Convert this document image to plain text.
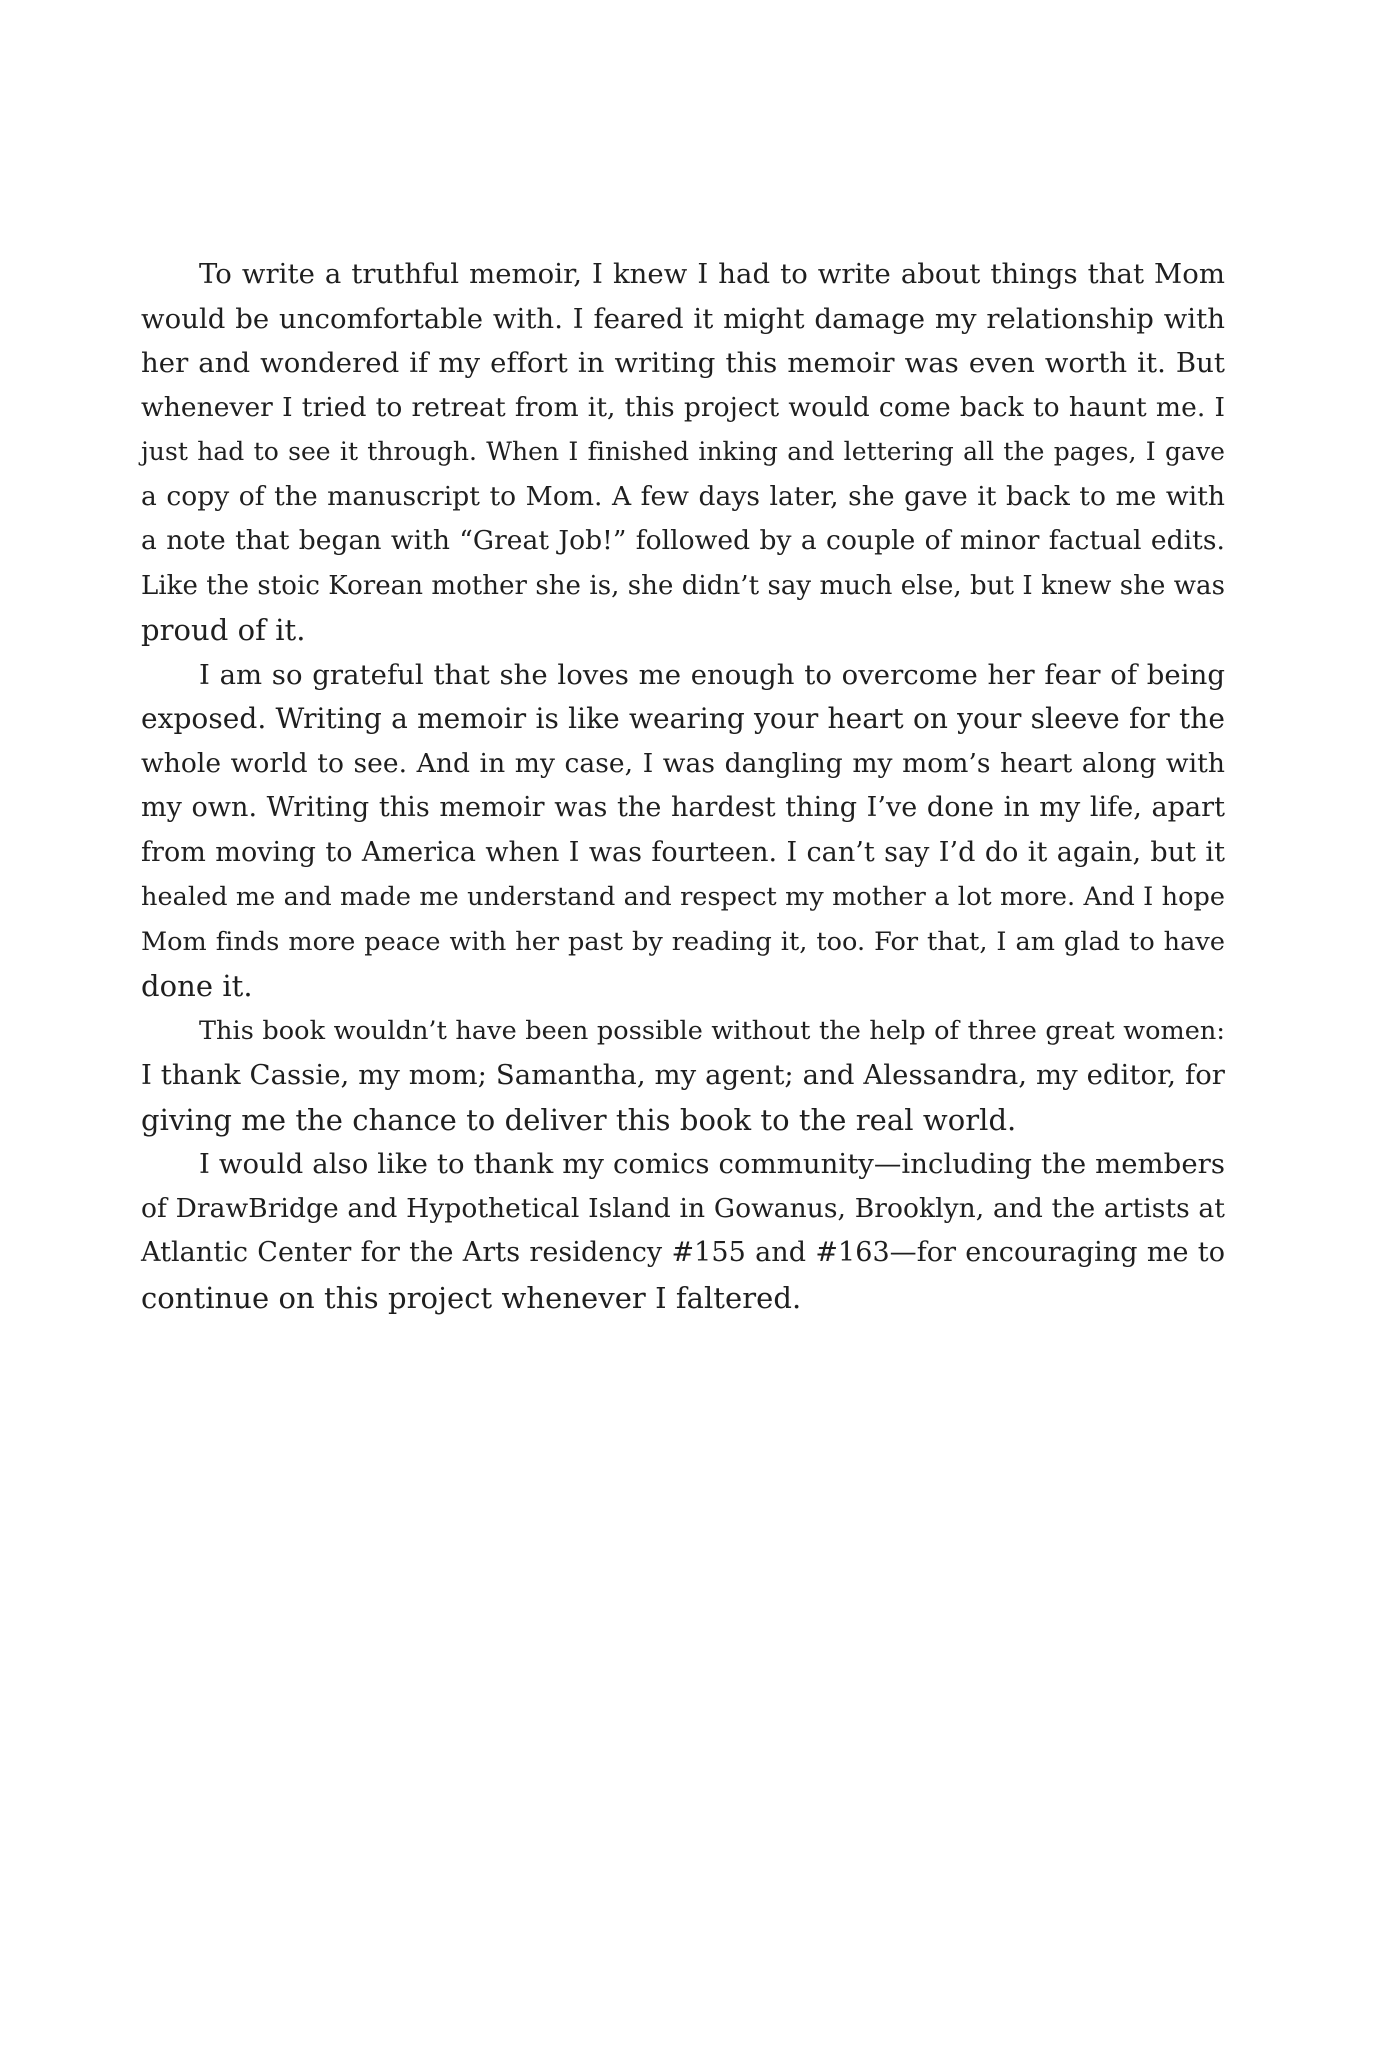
To write a truthful memoir, I knew I had to write about things that Mom
would be uncomfortable with. I feared it might damage my relationship with
her and wondered if my effort in writing this memoir was even worth it. But
whenever I tried to retreat from it, this project would come back to haunt me. I
just had to see it through. When I finished inking and lettering all the pages, I gave
a copy of the manuscript to Mom. A few days later, she gave it back to me with
a note that began with “Great Job!” followed by a couple of minor factual edits.
Like the stoic Korean mother she is, she didn’t say much else, but I knew she was
proud of it.
I am so grateful that she loves me enough to overcome her fear of being
exposed. Writing a memoir is like wearing your heart on your sleeve for the
whole world to see. And in my case, I was dangling my mom’s heart along with
my own. Writing this memoir was the hardest thing I’ve done in my life, apart
from moving to America when I was fourteen. I can’t say I’d do it again, but it
healed me and made me understand and respect my mother a lot more. And I hope
Mom finds more peace with her past by reading it, too. For that, I am glad to have
done it.
This book wouldn’t have been possible without the help of three great women:
I thank Cassie, my mom; Samantha, my agent; and Alessandra, my editor, for
giving me the chance to deliver this book to the real world.
I would also like to thank my comics community—including the members
of DrawBridge and Hypothetical Island in Gowanus, Brooklyn, and the artists at
Atlantic Center for the Arts residency #155 and #163—for encouraging me to
continue on this project whenever I faltered.
